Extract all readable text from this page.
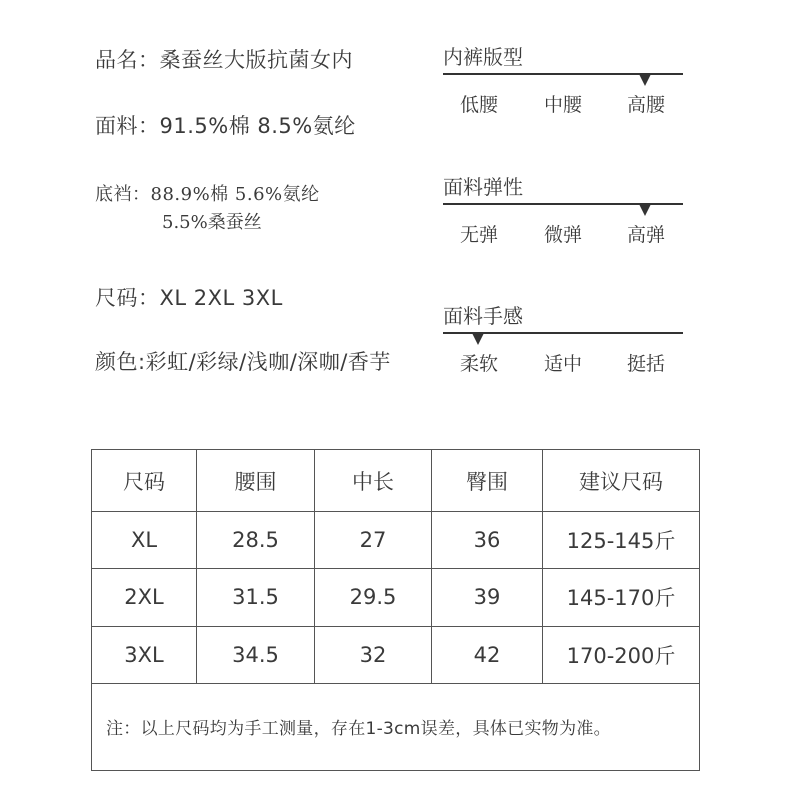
品名：桑蚕丝大版抗菌女内
面料：91.5%棉 8.5%氨纶
底裆：88.9%棉 5.6%氨纶
5.5%桑蚕丝
尺码：XL 2XL 3XL
颜色:彩虹/彩绿/浅咖/深咖/香芋
内裤版型
低腰 中腰 高腰
面料弹性
无弹 微弹 高弹
面料手感
柔软 适中 挺括
尺码	腰围	中长	臀围	建议尺码
XL	28.5	27	36	125-145斤
2XL	31.5	29.5	39	145-170斤
3XL	34.5	32	42	170-200斤
注：以上尺码均为手工测量，存在1-3cm误差，具体已实物为准。				
